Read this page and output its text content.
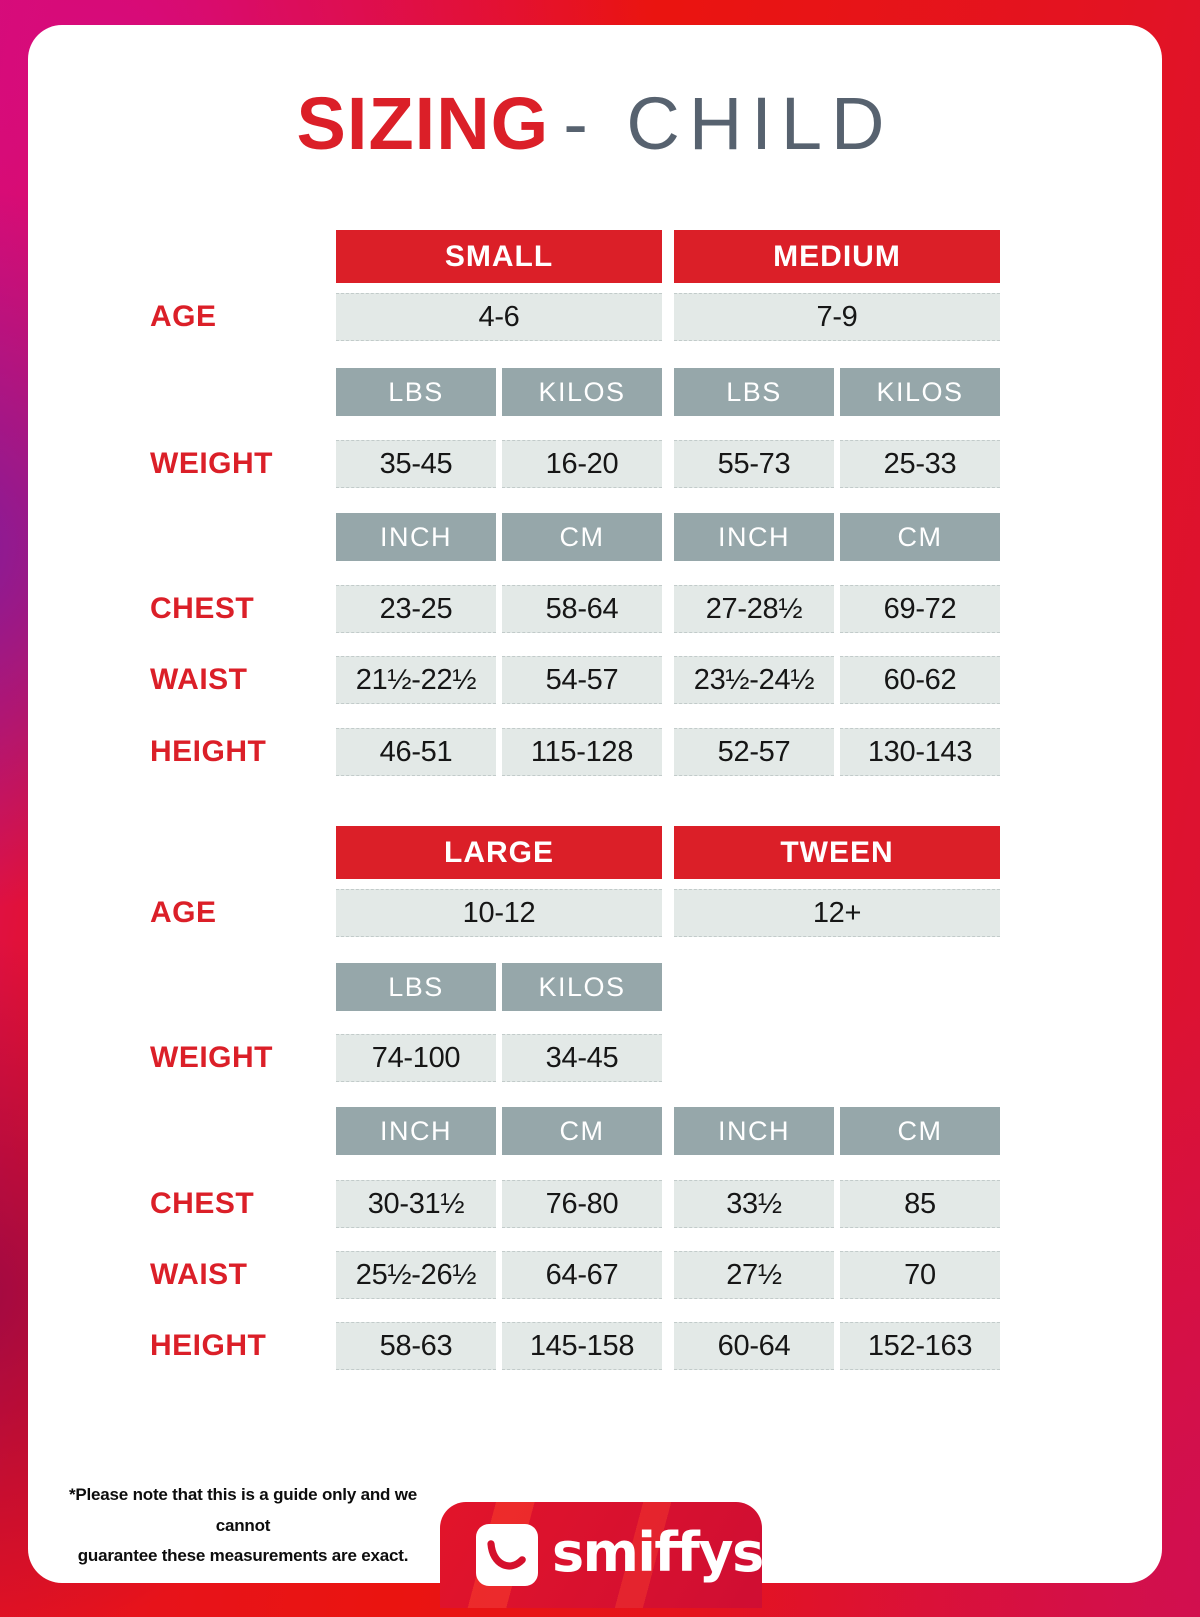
SIZING - CHILD
SMALL	MEDIUM
AGE	4-6	7-9
LBS	KILOS	LBS	KILOS
WEIGHT	35-45	16-20	55-73	25-33
INCH	CM	INCH	CM
CHEST	23-25	58-64	27-28½	69-72
WAIST	21½-22½	54-57	23½-24½	60-62
HEIGHT	46-51	115-128	52-57	130-143
LARGE	TWEEN
AGE	10-12	12+
LBS	KILOS
WEIGHT	74-100	34-45
INCH	CM	INCH	CM
CHEST	30-31½	76-80	33½	85
WAIST	25½-26½	64-67	27½	70
HEIGHT	58-63	145-158	60-64	152-163
*Please note that this is a guide only and we cannot
guarantee these measurements are exact.	smiffys ™
